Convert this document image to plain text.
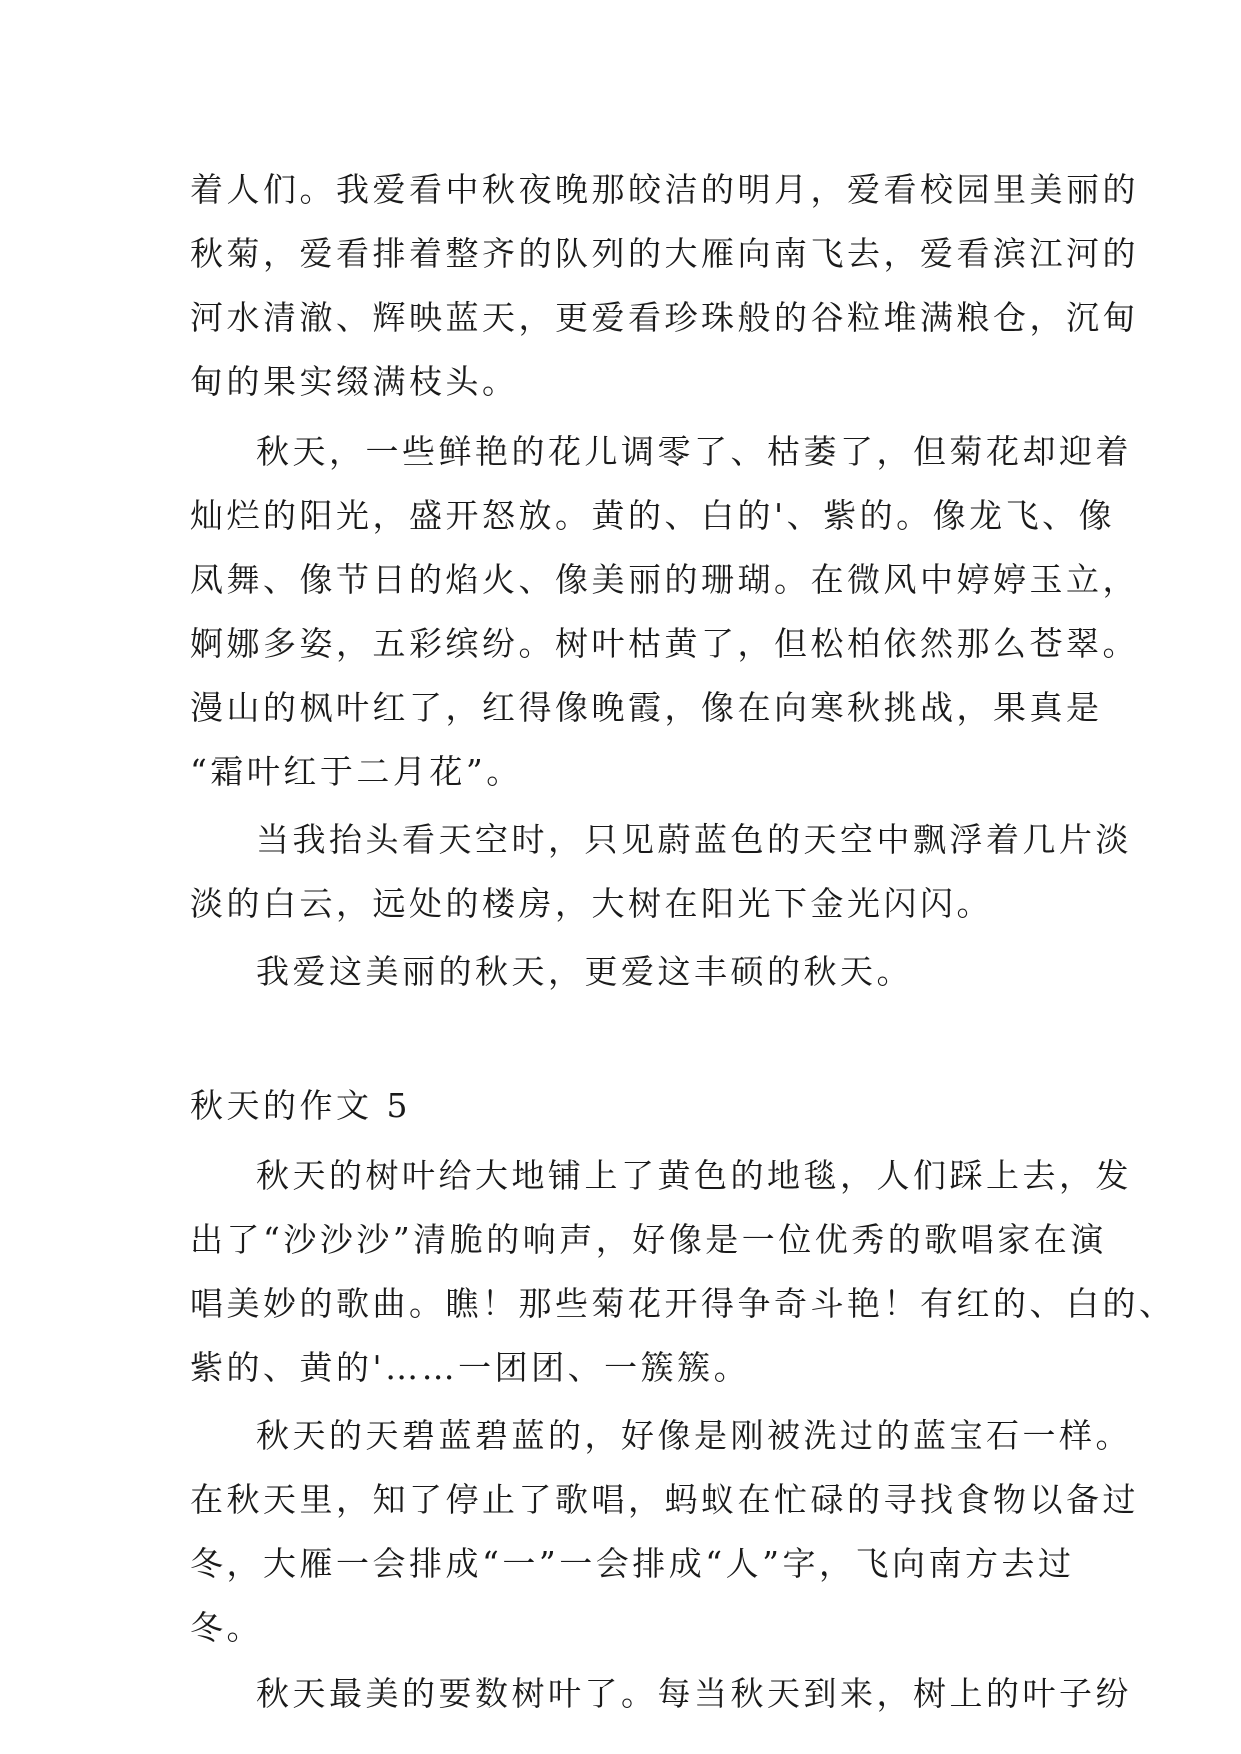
着人们。我爱看中秋夜晚那皎洁的明月，爱看校园里美丽的
秋菊，爱看排着整齐的队列的大雁向南飞去，爱看滨江河的
河水清澈、辉映蓝天，更爱看珍珠般的谷粒堆满粮仓，沉甸
甸的果实缀满枝头。
秋天，一些鲜艳的花儿调零了、枯萎了，但菊花却迎着
灿烂的阳光，盛开怒放。黄的、白的'、紫的。像龙飞、像
凤舞、像节日的焰火、像美丽的珊瑚。在微风中婷婷玉立，
婀娜多姿，五彩缤纷。树叶枯黄了，但松柏依然那么苍翠。
漫山的枫叶红了，红得像晚霞，像在向寒秋挑战，果真是
“霜叶红于二月花”。
当我抬头看天空时，只见蔚蓝色的天空中飘浮着几片淡
淡的白云，远处的楼房，大树在阳光下金光闪闪。
我爱这美丽的秋天，更爱这丰硕的秋天。
秋天的作文 5
秋天的树叶给大地铺上了黄色的地毯，人们踩上去，发
出了“沙沙沙”清脆的响声，好像是一位优秀的歌唱家在演
唱美妙的歌曲。瞧！那些菊花开得争奇斗艳！有红的、白的、
紫的、黄的'……一团团、一簇簇。
秋天的天碧蓝碧蓝的，好像是刚被洗过的蓝宝石一样。
在秋天里，知了停止了歌唱，蚂蚁在忙碌的寻找食物以备过
冬，大雁一会排成“一”一会排成“人”字，飞向南方去过
冬。
秋天最美的要数树叶了。每当秋天到来，树上的叶子纷
